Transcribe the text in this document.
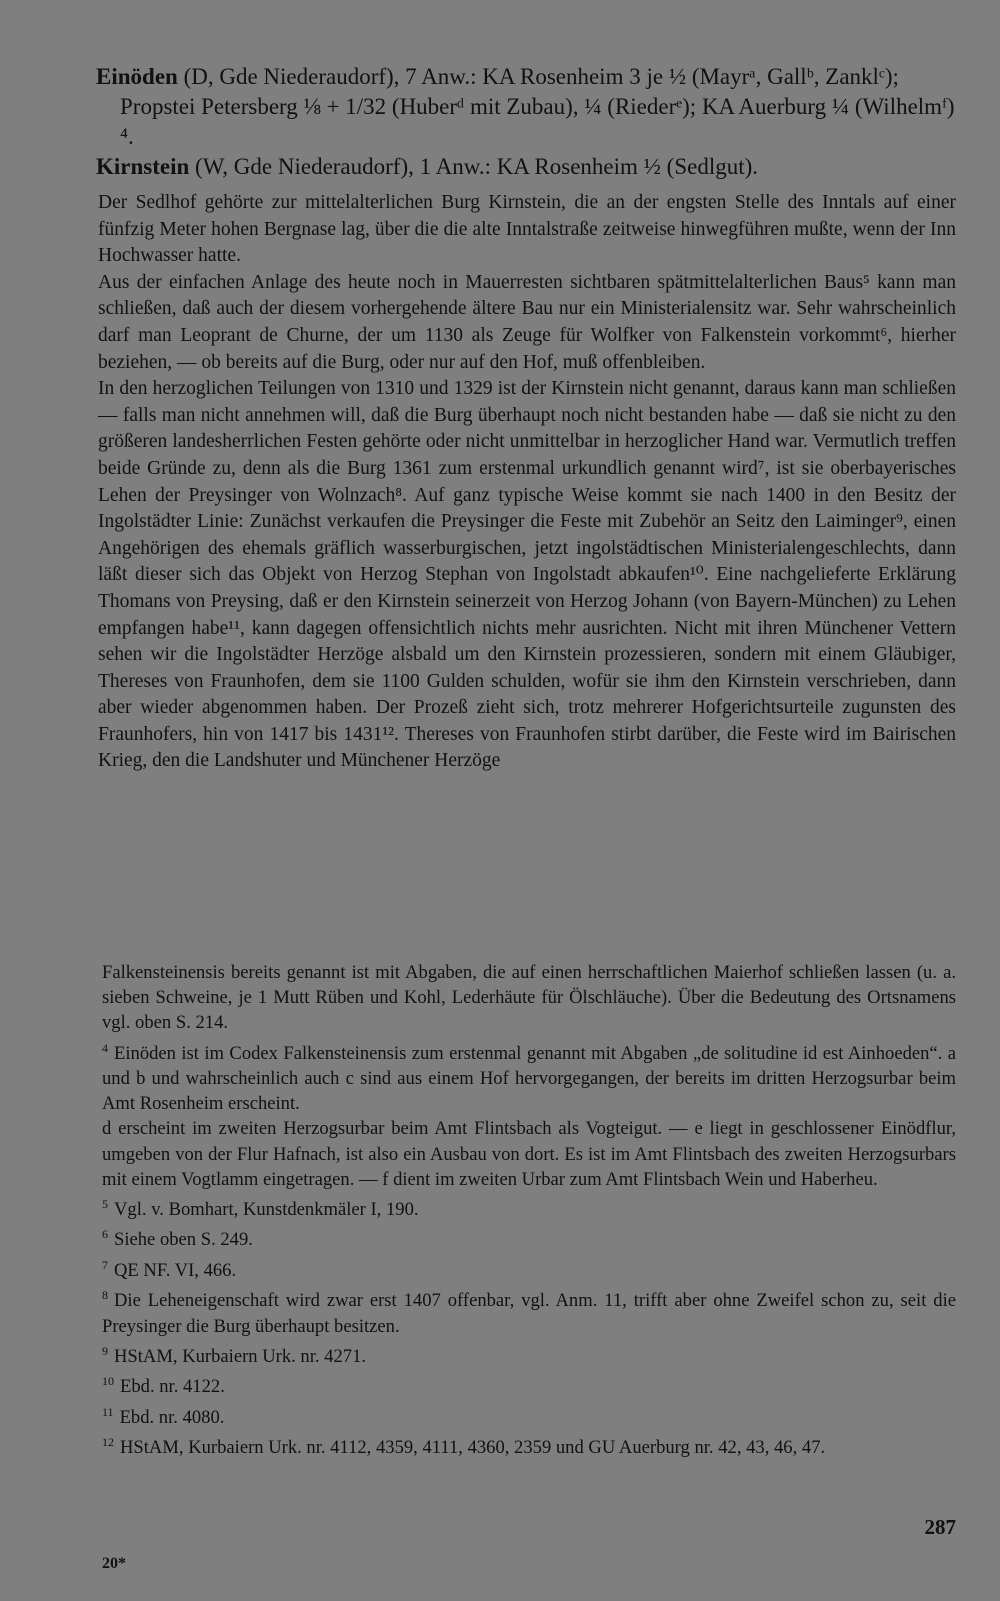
Einöden (D, Gde Niederaudorf), 7 Anw.: KA Rosenheim 3 je ½ (Mayrᵃ, Gallᵇ, Zanklᶜ); Propstei Petersberg ⅛ + 1/32 (Huberᵈ mit Zubau), ¼ (Riederᵉ); KA Auerburg ¼ (Wilhelmᶠ) ⁴.

Kirnstein (W, Gde Niederaudorf), 1 Anw.: KA Rosenheim ½ (Sedlgut).

Der Sedlhof gehörte zur mittelalterlichen Burg Kirnstein, die an der engsten Stelle des Inntals auf einer fünfzig Meter hohen Bergnase lag, über die die alte Inntalstraße zeitweise hinwegführen mußte, wenn der Inn Hochwasser hatte.

Aus der einfachen Anlage des heute noch in Mauerresten sichtbaren spätmittelalterlichen Baus⁵ kann man schließen, daß auch der diesem vorhergehende ältere Bau nur ein Ministerialensitz war. Sehr wahrscheinlich darf man Leoprant de Churne, der um 1130 als Zeuge für Wolfker von Falkenstein vorkommt⁶, hierher beziehen, — ob bereits auf die Burg, oder nur auf den Hof, muß offenbleiben.

In den herzoglichen Teilungen von 1310 und 1329 ist der Kirnstein nicht genannt, daraus kann man schließen — falls man nicht annehmen will, daß die Burg überhaupt noch nicht bestanden habe — daß sie nicht zu den größeren landesherrlichen Festen gehörte oder nicht unmittelbar in herzoglicher Hand war. Vermutlich treffen beide Gründe zu, denn als die Burg 1361 zum erstenmal urkundlich genannt wird⁷, ist sie oberbayerisches Lehen der Preysinger von Wolnzach⁸. Auf ganz typische Weise kommt sie nach 1400 in den Besitz der Ingolstädter Linie: Zunächst verkaufen die Preysinger die Feste mit Zubehör an Seitz den Laiminger⁹, einen Angehörigen des ehemals gräflich wasserburgischen, jetzt ingolstädtischen Ministerialengeschlechts, dann läßt dieser sich das Objekt von Herzog Stephan von Ingolstadt abkaufen¹⁰. Eine nachgelieferte Erklärung Thomans von Preysing, daß er den Kirnstein seinerzeit von Herzog Johann (von Bayern-München) zu Lehen empfangen habe¹¹, kann dagegen offensichtlich nichts mehr ausrichten. Nicht mit ihren Münchener Vettern sehen wir die Ingolstädter Herzöge alsbald um den Kirnstein prozessieren, sondern mit einem Gläubiger, Thereses von Fraunhofen, dem sie 1100 Gulden schulden, wofür sie ihm den Kirnstein verschrieben, dann aber wieder abgenommen haben. Der Prozeß zieht sich, trotz mehrerer Hofgerichtsurteile zugunsten des Fraunhofers, hin von 1417 bis 1431¹². Thereses von Fraunhofen stirbt darüber, die Feste wird im Bairischen Krieg, den die Landshuter und Münchener Herzöge

Falkensteinensis bereits genannt ist mit Abgaben, die auf einen herrschaftlichen Maierhof schließen lassen (u. a. sieben Schweine, je 1 Mutt Rüben und Kohl, Lederhäute für Ölschläuche). Über die Bedeutung des Ortsnamens vgl. oben S. 214.

$^4$ Einöden ist im Codex Falkensteinensis zum erstenmal genannt mit Abgaben „de solitudine id est Ainhoeden“. a und b und wahrscheinlich auch c sind aus einem Hof hervorgegangen, der bereits im dritten Herzogsurbar beim Amt Rosenheim erscheint.

d erscheint im zweiten Herzogsurbar beim Amt Flintsbach als Vogteigut. — e liegt in geschlossener Einödflur, umgeben von der Flur Hafnach, ist also ein Ausbau von dort. Es ist im Amt Flintsbach des zweiten Herzogsurbars mit einem Vogtlamm eingetragen. — f dient im zweiten Urbar zum Amt Flintsbach Wein und Haberheu.

$^5$ Vgl. v. Bomhart, Kunstdenkmäler I, 190.

$^6$ Siehe oben S. 249.

$^7$ QE NF. VI, 466.

$^8$ Die Leheneigenschaft wird zwar erst 1407 offenbar, vgl. Anm. 11, trifft aber ohne Zweifel schon zu, seit die Preysinger die Burg überhaupt besitzen.

$^9$ HStAM, Kurbaiern Urk. nr. 4271.

$^{10}$ Ebd. nr. 4122.

$^{11}$ Ebd. nr. 4080.

$^{12}$ HStAM, Kurbaiern Urk. nr. 4112, 4359, 4111, 4360, 2359 und GU Auerburg nr. 42, 43, 46, 47.

287
20*
